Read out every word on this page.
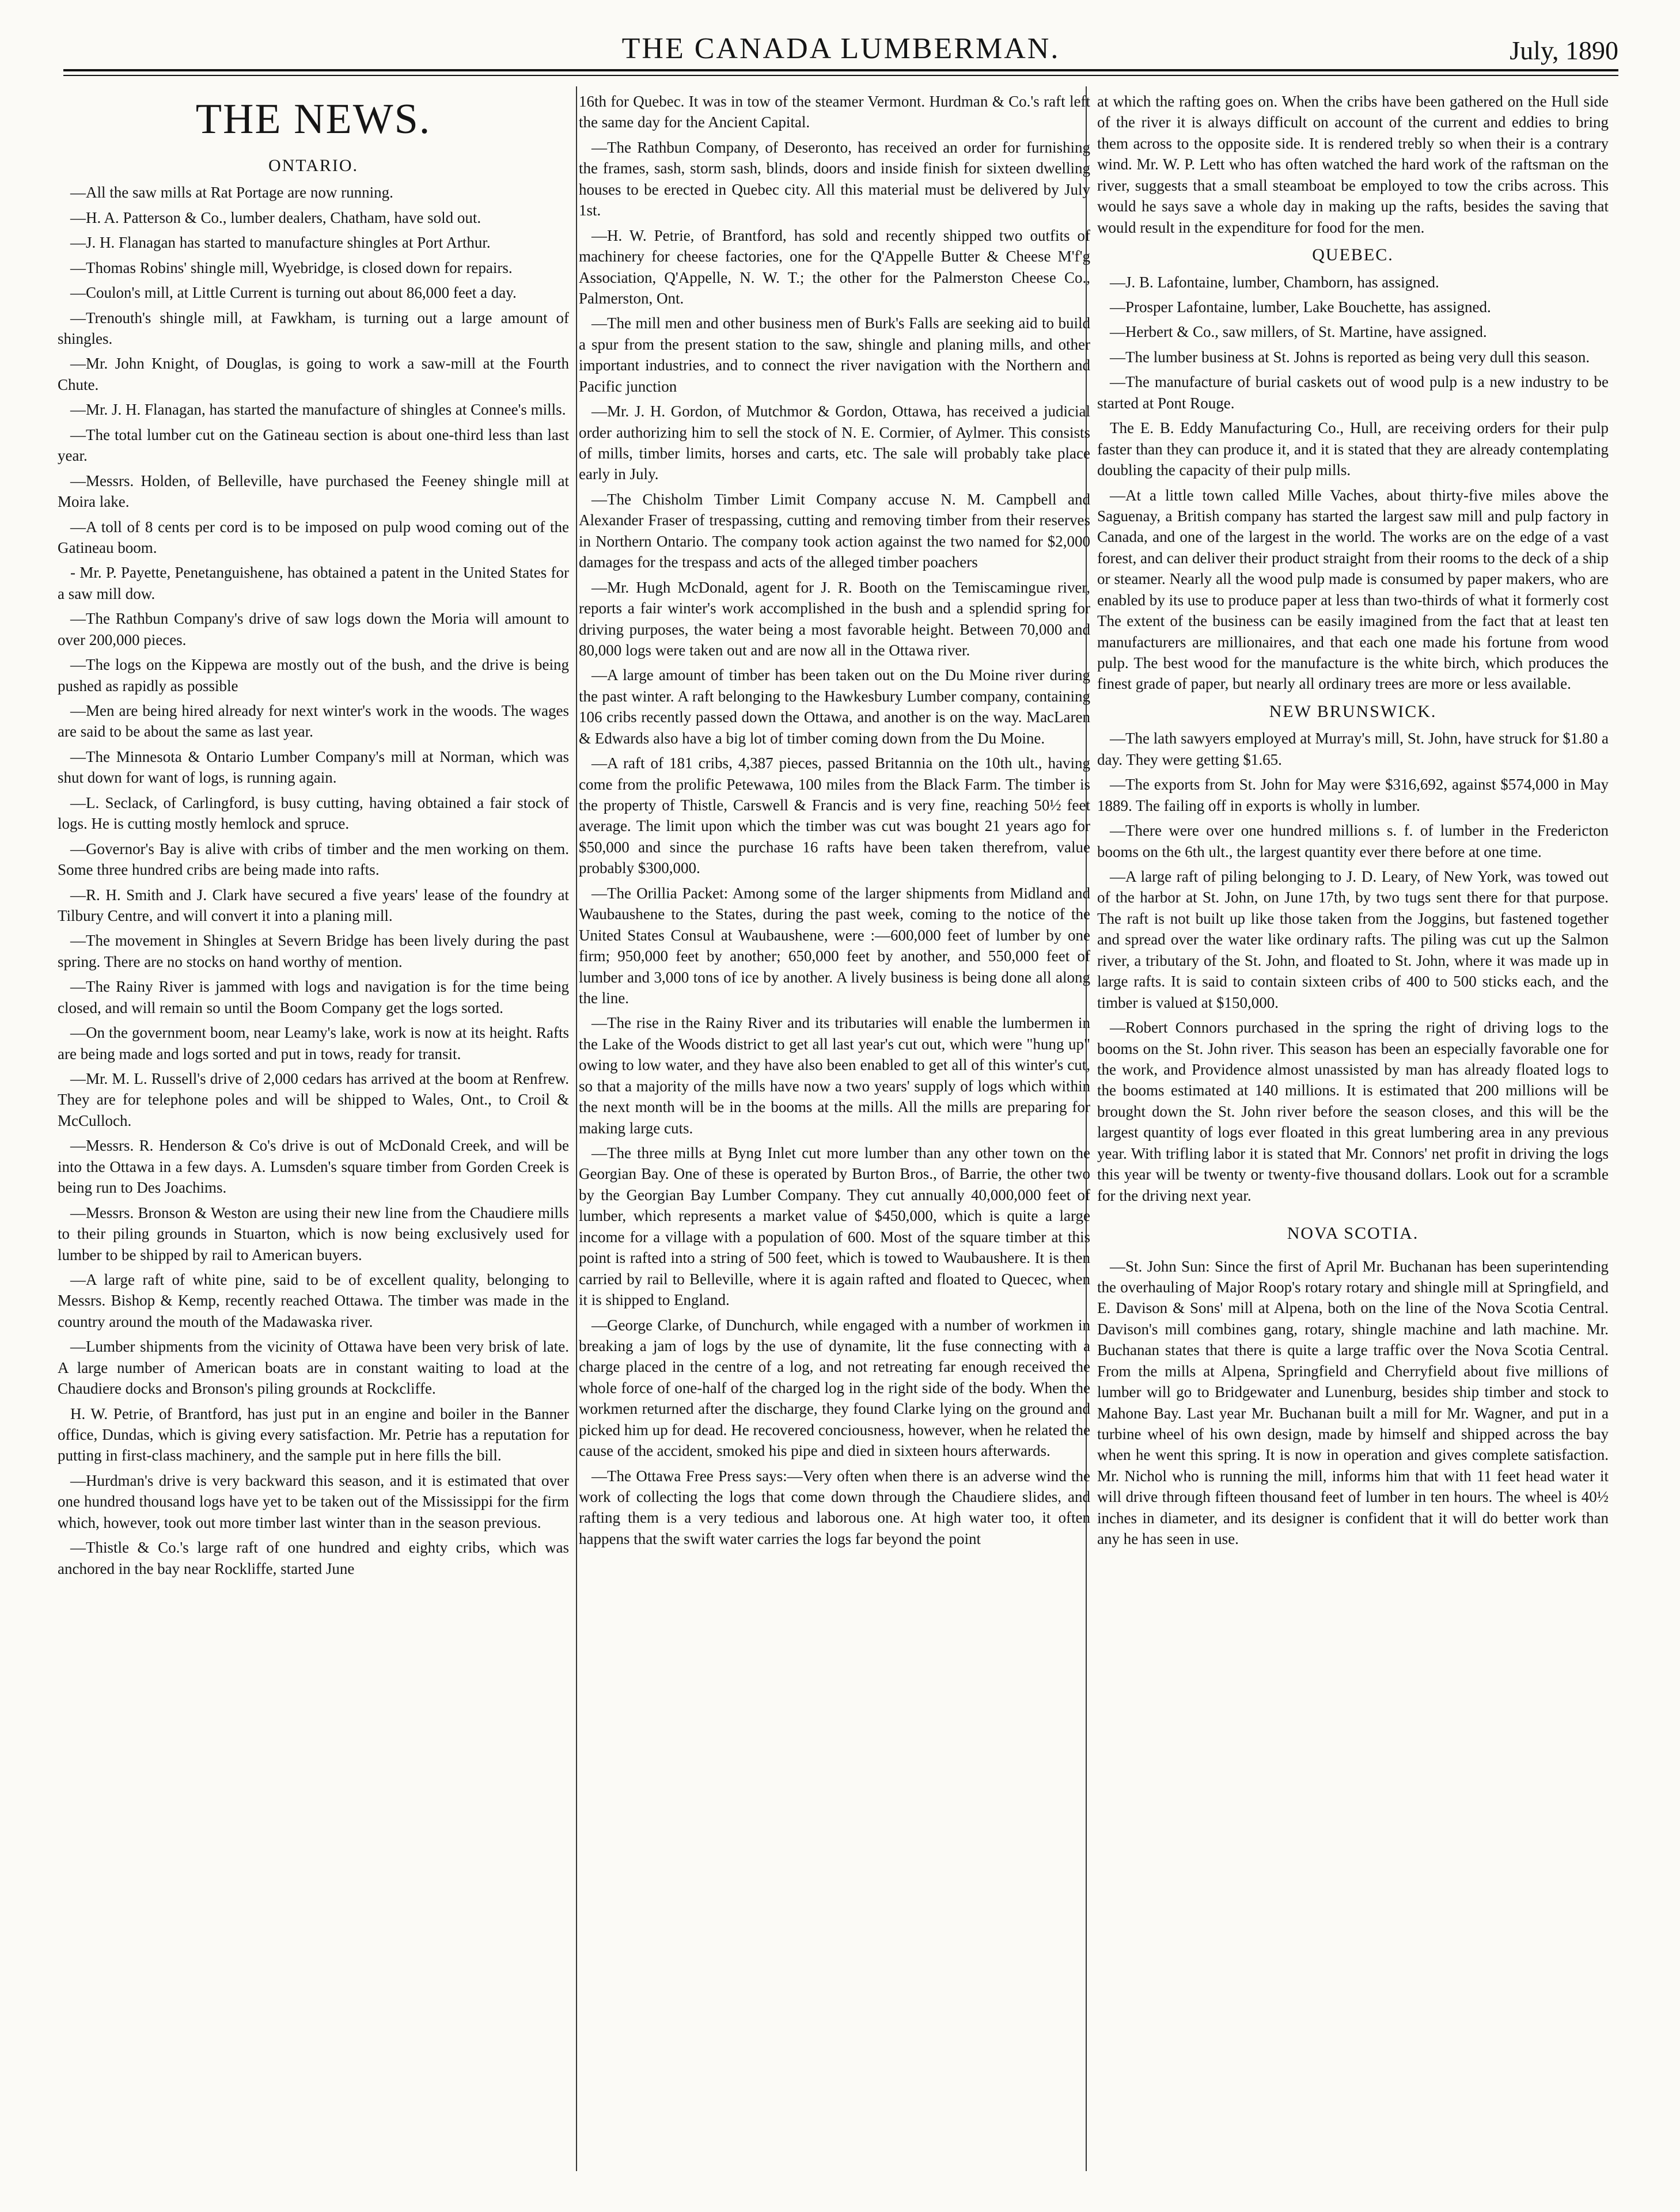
THE CANADA LUMBERMAN.	July, 1890
THE NEWS.
ONTARIO.

—All the saw mills at Rat Portage are now running.

—H. A. Patterson & Co., lumber dealers, Chatham, have sold out.

—J. H. Flanagan has started to manufacture shingles at Port Arthur.

—Thomas Robins' shingle mill, Wyebridge, is closed down for repairs.

—Coulon's mill, at Little Current is turning out about 86,000 feet a day.

—Trenouth's shingle mill, at Fawkham, is turning out a large amount of shingles.

—Mr. John Knight, of Douglas, is going to work a saw-mill at the Fourth Chute.

—Mr. J. H. Flanagan, has started the manufacture of shingles at Connee's mills.

—The total lumber cut on the Gatineau section is about one-third less than last year.

—Messrs. Holden, of Belleville, have purchased the Feeney shingle mill at Moira lake.

—A toll of 8 cents per cord is to be imposed on pulp wood coming out of the Gatineau boom.

- Mr. P. Payette, Penetanguishene, has obtained a patent in the United States for a saw mill dow.

—The Rathbun Company's drive of saw logs down the Moria will amount to over 200,000 pieces.

—The logs on the Kippewa are mostly out of the bush, and the drive is being pushed as rapidly as possible

—Men are being hired already for next winter's work in the woods. The wages are said to be about the same as last year.

—The Minnesota & Ontario Lumber Company's mill at Norman, which was shut down for want of logs, is running again.

—L. Seclack, of Carlingford, is busy cutting, having obtained a fair stock of logs. He is cutting mostly hemlock and spruce.

—Governor's Bay is alive with cribs of timber and the men working on them. Some three hundred cribs are being made into rafts.

—R. H. Smith and J. Clark have secured a five years' lease of the foundry at Tilbury Centre, and will convert it into a planing mill.

—The movement in Shingles at Severn Bridge has been lively during the past spring. There are no stocks on hand worthy of mention.

—The Rainy River is jammed with logs and navigation is for the time being closed, and will remain so until the Boom Company get the logs sorted.

—On the government boom, near Leamy's lake, work is now at its height. Rafts are being made and logs sorted and put in tows, ready for transit.

—Mr. M. L. Russell's drive of 2,000 cedars has arrived at the boom at Renfrew. They are for telephone poles and will be shipped to Wales, Ont., to Croil & McCulloch.

—Messrs. R. Henderson & Co's drive is out of McDonald Creek, and will be into the Ottawa in a few days. A. Lumsden's square timber from Gorden Creek is being run to Des Joachims.

—Messrs. Bronson & Weston are using their new line from the Chaudiere mills to their piling grounds in Stuarton, which is now being exclusively used for lumber to be shipped by rail to American buyers.

—A large raft of white pine, said to be of excellent quality, belonging to Messrs. Bishop & Kemp, recently reached Ottawa. The timber was made in the country around the mouth of the Madawaska river.

—Lumber shipments from the vicinity of Ottawa have been very brisk of late. A large number of American boats are in constant waiting to load at the Chaudiere docks and Bronson's piling grounds at Rockcliffe.

H. W. Petrie, of Brantford, has just put in an engine and boiler in the Banner office, Dundas, which is giving every satisfaction. Mr. Petrie has a reputation for putting in first-class machinery, and the sample put in here fills the bill.

—Hurdman's drive is very backward this season, and it is estimated that over one hundred thousand logs have yet to be taken out of the Mississippi for the firm which, however, took out more timber last winter than in the season previous.

—Thistle & Co.'s large raft of one hundred and eighty cribs, which was anchored in the bay near Rockliffe, started June

16th for Quebec. It was in tow of the steamer Vermont. Hurdman & Co.'s raft left the same day for the Ancient Capital.

—The Rathbun Company, of Deseronto, has received an order for furnishing the frames, sash, storm sash, blinds, doors and inside finish for sixteen dwelling houses to be erected in Quebec city. All this material must be delivered by July 1st.

—H. W. Petrie, of Brantford, has sold and recently shipped two outfits of machinery for cheese factories, one for the Q'Appelle Butter & Cheese M'f'g Association, Q'Appelle, N. W. T.; the other for the Palmerston Cheese Co., Palmerston, Ont.

—The mill men and other business men of Burk's Falls are seeking aid to build a spur from the present station to the saw, shingle and planing mills, and other important industries, and to connect the river navigation with the Northern and Pacific junction

—Mr. J. H. Gordon, of Mutchmor & Gordon, Ottawa, has received a judicial order authorizing him to sell the stock of N. E. Cormier, of Aylmer. This consists of mills, timber limits, horses and carts, etc. The sale will probably take place early in July.

—The Chisholm Timber Limit Company accuse N. M. Campbell and Alexander Fraser of trespassing, cutting and removing timber from their reserves in Northern Ontario. The company took action against the two named for $2,000 damages for the trespass and acts of the alleged timber poachers

—Mr. Hugh McDonald, agent for J. R. Booth on the Temiscamingue river, reports a fair winter's work accomplished in the bush and a splendid spring for driving purposes, the water being a most favorable height. Between 70,000 and 80,000 logs were taken out and are now all in the Ottawa river.

—A large amount of timber has been taken out on the Du Moine river during the past winter. A raft belonging to the Hawkesbury Lumber company, containing 106 cribs recently passed down the Ottawa, and another is on the way. MacLaren & Edwards also have a big lot of timber coming down from the Du Moine.

—A raft of 181 cribs, 4,387 pieces, passed Britannia on the 10th ult., having come from the prolific Petewawa, 100 miles from the Black Farm. The timber is the property of Thistle, Carswell & Francis and is very fine, reaching 50½ feet average. The limit upon which the timber was cut was bought 21 years ago for $50,000 and since the purchase 16 rafts have been taken therefrom, value probably $300,000.

—The Orillia Packet: Among some of the larger shipments from Midland and Waubaushene to the States, during the past week, coming to the notice of the United States Consul at Waubaushene, were :—600,000 feet of lumber by one firm; 950,000 feet by another; 650,000 feet by another, and 550,000 feet of lumber and 3,000 tons of ice by another. A lively business is being done all along the line.

—The rise in the Rainy River and its tributaries will enable the lumbermen in the Lake of the Woods district to get all last year's cut out, which were "hung up" owing to low water, and they have also been enabled to get all of this winter's cut, so that a majority of the mills have now a two years' supply of logs which within the next month will be in the booms at the mills. All the mills are preparing for making large cuts.

—The three mills at Byng Inlet cut more lumber than any other town on the Georgian Bay. One of these is operated by Burton Bros., of Barrie, the other two by the Georgian Bay Lumber Company. They cut annually 40,000,000 feet of lumber, which represents a market value of $450,000, which is quite a large income for a village with a population of 600. Most of the square timber at this point is rafted into a string of 500 feet, which is towed to Waubaushere. It is then carried by rail to Belleville, where it is again rafted and floated to Quecec, when it is shipped to England.

—George Clarke, of Dunchurch, while engaged with a number of workmen in breaking a jam of logs by the use of dynamite, lit the fuse connecting with a charge placed in the centre of a log, and not retreating far enough received the whole force of one-half of the charged log in the right side of the body. When the workmen returned after the discharge, they found Clarke lying on the ground and picked him up for dead. He recovered conciousness, however, when he related the cause of the accident, smoked his pipe and died in sixteen hours afterwards.

—The Ottawa Free Press says:—Very often when there is an adverse wind the work of collecting the logs that come down through the Chaudiere slides, and rafting them is a very tedious and laborous one. At high water too, it often happens that the swift water carries the logs far beyond the point

at which the rafting goes on. When the cribs have been gathered on the Hull side of the river it is always difficult on account of the current and eddies to bring them across to the opposite side. It is rendered trebly so when their is a contrary wind. Mr. W. P. Lett who has often watched the hard work of the raftsman on the river, suggests that a small steamboat be employed to tow the cribs across. This would he says save a whole day in making up the rafts, besides the saving that would result in the expenditure for food for the men.

QUEBEC.

—J. B. Lafontaine, lumber, Chamborn, has assigned.

—Prosper Lafontaine, lumber, Lake Bouchette, has assigned.

—Herbert & Co., saw millers, of St. Martine, have assigned.

—The lumber business at St. Johns is reported as being very dull this season.

—The manufacture of burial caskets out of wood pulp is a new industry to be started at Pont Rouge.

The E. B. Eddy Manufacturing Co., Hull, are receiving orders for their pulp faster than they can produce it, and it is stated that they are already contemplating doubling the capacity of their pulp mills.

—At a little town called Mille Vaches, about thirty-five miles above the Saguenay, a British company has started the largest saw mill and pulp factory in Canada, and one of the largest in the world. The works are on the edge of a vast forest, and can deliver their product straight from their rooms to the deck of a ship or steamer. Nearly all the wood pulp made is consumed by paper makers, who are enabled by its use to produce paper at less than two-thirds of what it formerly cost The extent of the business can be easily imagined from the fact that at least ten manufacturers are millionaires, and that each one made his fortune from wood pulp. The best wood for the manufacture is the white birch, which produces the finest grade of paper, but nearly all ordinary trees are more or less available.

NEW BRUNSWICK.

—The lath sawyers employed at Murray's mill, St. John, have struck for $1.80 a day. They were getting $1.65.

—The exports from St. John for May were $316,692, against $574,000 in May 1889. The failing off in exports is wholly in lumber.

—There were over one hundred millions s. f. of lumber in the Fredericton booms on the 6th ult., the largest quantity ever there before at one time.

—A large raft of piling belonging to J. D. Leary, of New York, was towed out of the harbor at St. John, on June 17th, by two tugs sent there for that purpose. The raft is not built up like those taken from the Joggins, but fastened together and spread over the water like ordinary rafts. The piling was cut up the Salmon river, a tributary of the St. John, and floated to St. John, where it was made up in large rafts. It is said to contain sixteen cribs of 400 to 500 sticks each, and the timber is valued at $150,000.

—Robert Connors purchased in the spring the right of driving logs to the booms on the St. John river. This season has been an especially favorable one for the work, and Providence almost unassisted by man has already floated logs to the booms estimated at 140 millions. It is estimated that 200 millions will be brought down the St. John river before the season closes, and this will be the largest quantity of logs ever floated in this great lumbering area in any previous year. With trifling labor it is stated that Mr. Connors' net profit in driving the logs this year will be twenty or twenty-five thousand dollars. Look out for a scramble for the driving next year.

NOVA SCOTIA.

—St. John Sun: Since the first of April Mr. Buchanan has been superintending the overhauling of Major Roop's rotary rotary and shingle mill at Springfield, and E. Davison & Sons' mill at Alpena, both on the line of the Nova Scotia Central. Davison's mill combines gang, rotary, shingle machine and lath machine. Mr. Buchanan states that there is quite a large traffic over the Nova Scotia Central. From the mills at Alpena, Springfield and Cherryfield about five millions of lumber will go to Bridgewater and Lunenburg, besides ship timber and stock to Mahone Bay. Last year Mr. Buchanan built a mill for Mr. Wagner, and put in a turbine wheel of his own design, made by himself and shipped across the bay when he went this spring. It is now in operation and gives complete satisfaction. Mr. Nichol who is running the mill, informs him that with 11 feet head water it will drive through fifteen thousand feet of lumber in ten hours. The wheel is 40½ inches in diameter, and its designer is confident that it will do better work than any he has seen in use.
